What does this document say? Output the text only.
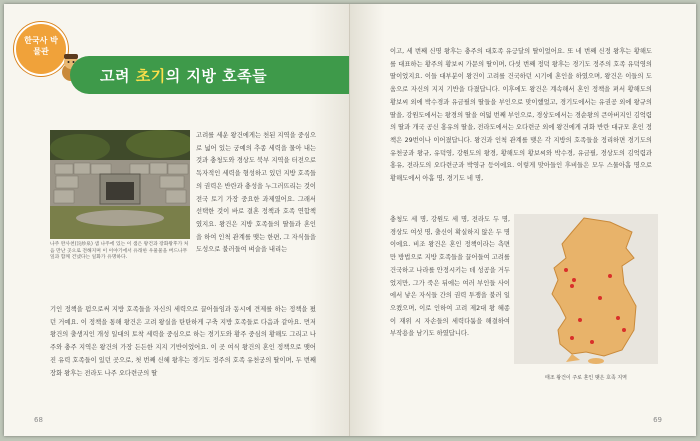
한국사 박물관
고려 초기의 지방 호족들
나주 완사천(浣紗泉) 샘 나주에 있는 이 샘은 왕건과 장화왕후가 처음 만난 곳으로 전해지며 이 이야기에서 유래한 우물물을 버드나무 잎과 함께 건넸다는 일화가 유명하다.

고려를 세운 왕건에게는 천된 지역을 중심으로 넓어 있는 궁예의 추종 세력을 물아 내는 것과 충청도와 경상도 북부 지역을 터전으로 독자적인 세력을 형성하고 있던 지방 호족들의 권력은 반란과 충성을 누그러뜨리는 것이 전국 토기 가장 중요한 과제였어요. 그래서 선택한 것이 바로 결혼 정책과 호족 연합책였지요. 왕건은 지방 호족들의 딸들과 혼인을 하여 인척 관계를 맺는 한편, 그 자식들을 도성으로 불러들여 벼슬을 내리는

기인 정책을 펌으로써 지방 호족들을 자신의 세력으로 끌어들임과 동시에 견제를 하는 정책을 폈던 거예요. 이 정책을 통해 왕건은 고려 왕실을 탄탄하게 구축 지방 호족들로 다음과 같아요. 먼저 왕건의 출생지인 개성 일대의 토착 세력을 중심으로 하는 경기도와 황주 중심의 황해도 그리고 나주와 충주 지역은 왕건의 가장 든든한 지지 기반이었어요. 이 곳 여식 왕건의 혼인 정책으로 맺어진 유력 호족들이 있던 곳으로, 첫 번째 신혜 왕후는 경기도 정주의 호족 유천궁의 딸이며, 두 번째 장화 왕후는 전라도 나주 오다련군의 딸

68

이고, 세 번째 신명 왕후는 충주의 대호족 유긍달의 딸이었어요. 또 네 번째 신정 왕후는 황해도를 대표하는 황주의 황보씨 가문의 딸이며, 다섯 번째 정덕 왕후는 경기도 정주의 호족 유덕영의 딸이었지요. 이들 대부분이 왕건이 고려를 건국하던 시기에 혼인을 하였으며, 왕건은 이들의 도움으로 자신의 지지 기반을 다졌답니다. 이후에도 왕건은 계속해서 혼인 정책을 펴서 황해도의 황보씨 외에 박수경과 유금필의 딸들을 부인으로 맞이했었고, 경기도에서는 유권공 외에 왕규의 딸을, 강원도에서는 왕경의 딸을 여덟 번째 부인으로, 경상도에서는 경순왕의 큰아버지인 김억렴의 딸과 개국 공신 홍유의 딸을, 전라도에서는 오다련군 외에 왕건에게 귀화 반란 대규모 혼인 정책은 29번이나 이어졌답니다. 왕건과 인척 관계를 맺은 각 지방의 호족들을 정리하면 경기도의 유천궁과 왕규, 유덕영, 강원도의 왕경, 황해도의 황보씨와 박수경, 유금필, 경상도의 김억렴과 홍유, 전라도의 오다련군과 박영규 등이에요. 이렇게 맞아들인 후비들은 모두 스물아홉 명으로 황해도에서 아홉 명, 경기도 네 명,

충청도 세 명, 강원도 세 명, 전라도 두 명, 경상도 여섯 명, 출신이 확실하지 않은 두 명이에요. 비조 왕건은 혼인 정책이라는 측면만 방법으로 지방 호족들을 끌어들여 고려를 건국하고 나라를 안정시키는 데 성공을 거두었지만, 그가 죽은 뒤에는 여러 부인들 사이에서 낳은 자식들 간의 권력 투쟁을 불러 일으켰으며, 이로 인하여 고려 제2대 왕 혜종이 재위 시 자손들의 세력다툼을 해결하여 부작용을 남기도 하였답니다.

태조 왕건이 주로 혼인 맺은 호족 지역
69
